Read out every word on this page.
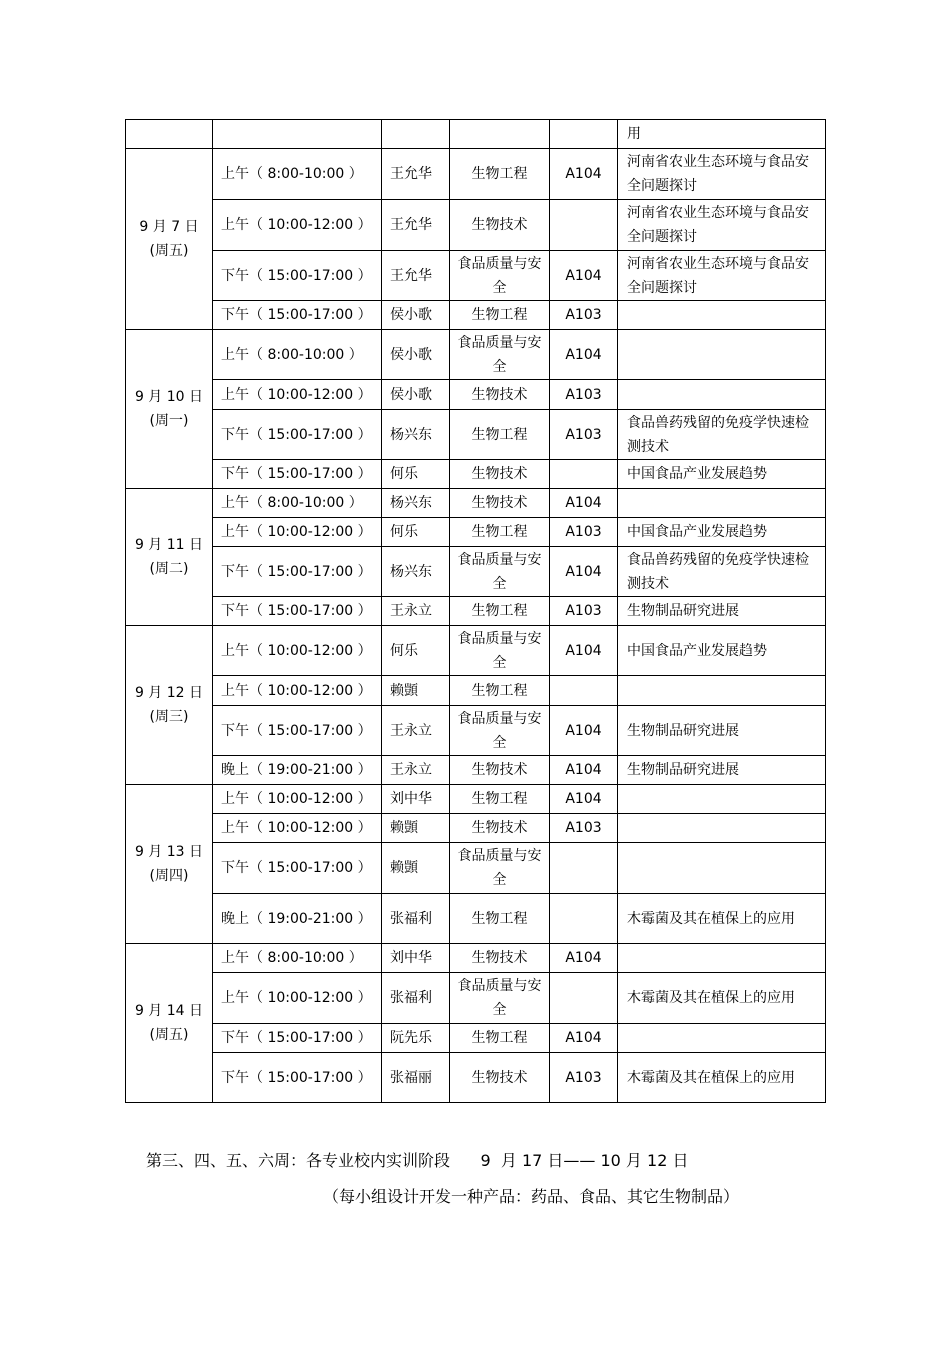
					用

9 月 7 日
(周五)	上午（ 8:00-10:00 ）	王允华	生物工程	A104	河南省农业生态环境与食品安全问题探讨
	上午（ 10:00-12:00 ）	王允华	生物技术		河南省农业生态环境与食品安全问题探讨
	下午（ 15:00-17:00 ）	王允华	食品质量与安全	A104	河南省农业生态环境与食品安全问题探讨
	下午（ 15:00-17:00 ）	侯小歌	生物工程	A103	

9 月 10 日
(周一)	上午（ 8:00-10:00 ）	侯小歌	食品质量与安全	A104	
	上午（ 10:00-12:00 ）	侯小歌	生物技术	A103	
	下午（ 15:00-17:00 ）	杨兴东	生物工程	A103	食品兽药残留的免疫学快速检测技术
	下午（ 15:00-17:00 ）	何乐	生物技术		中国食品产业发展趋势

9 月 11 日
(周二)	上午（ 8:00-10:00 ）	杨兴东	生物技术	A104	
	上午（ 10:00-12:00 ）	何乐	生物工程	A103	中国食品产业发展趋势
	下午（ 15:00-17:00 ）	杨兴东	食品质量与安全	A104	食品兽药残留的免疫学快速检测技术
	下午（ 15:00-17:00 ）	王永立	生物工程	A103	生物制品研究进展

9 月 12 日
(周三)	上午（ 10:00-12:00 ）	何乐	食品质量与安全	A104	中国食品产业发展趋势
	上午（ 10:00-12:00 ）	赖顗	生物工程		
	下午（ 15:00-17:00 ）	王永立	食品质量与安全	A104	生物制品研究进展
	晚上（ 19:00-21:00 ）	王永立	生物技术	A104	生物制品研究进展

9 月 13 日
(周四)	上午（ 10:00-12:00 ）	刘中华	生物工程	A104	
	上午（ 10:00-12:00 ）	赖顗	生物技术	A103	
	下午（ 15:00-17:00 ）	赖顗	食品质量与安全		
	晚上（ 19:00-21:00 ）	张福利	生物工程		木霉菌及其在植保上的应用

9 月 14 日
(周五)	上午（ 8:00-10:00 ）	刘中华	生物技术	A104	
	上午（ 10:00-12:00 ）	张福利	食品质量与安全		木霉菌及其在植保上的应用
	下午（ 15:00-17:00 ）	阮先乐	生物工程	A104	
	下午（ 15:00-17:00 ）	张福丽	生物技术	A103	木霉菌及其在植保上的应用
第三、四、五、六周：各专业校内实训阶段      9  月 17 日—— 10 月 12 日
（每小组设计开发一种产品：药品、食品、其它生物制品）
